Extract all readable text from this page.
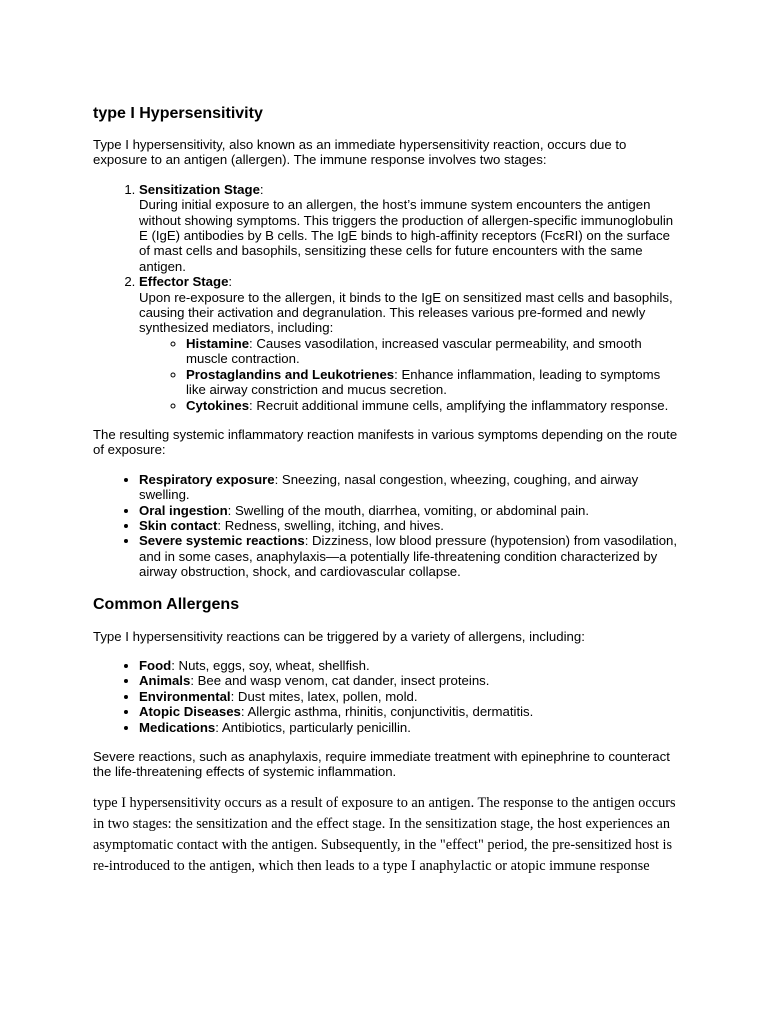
type I Hypersensitivity

Type I hypersensitivity, also known as an immediate hypersensitivity reaction, occurs due to exposure to an antigen (allergen). The immune response involves two stages:

1. Sensitization Stage:
During initial exposure to an allergen, the host’s immune system encounters the antigen without showing symptoms. This triggers the production of allergen-specific immunoglobulin E (IgE) antibodies by B cells. The IgE binds to high-affinity receptors (FcεRI) on the surface of mast cells and basophils, sensitizing these cells for future encounters with the same antigen.
2. Effector Stage:
Upon re-exposure to the allergen, it binds to the IgE on sensitized mast cells and basophils, causing their activation and degranulation. This releases various pre-formed and newly synthesized mediators, including:
◦ Histamine: Causes vasodilation, increased vascular permeability, and smooth muscle contraction.
◦ Prostaglandins and Leukotrienes: Enhance inflammation, leading to symptoms like airway constriction and mucus secretion.
◦ Cytokines: Recruit additional immune cells, amplifying the inflammatory response.

The resulting systemic inflammatory reaction manifests in various symptoms depending on the route of exposure:

• Respiratory exposure: Sneezing, nasal congestion, wheezing, coughing, and airway swelling.
• Oral ingestion: Swelling of the mouth, diarrhea, vomiting, or abdominal pain.
• Skin contact: Redness, swelling, itching, and hives.
• Severe systemic reactions: Dizziness, low blood pressure (hypotension) from vasodilation, and in some cases, anaphylaxis—a potentially life-threatening condition characterized by airway obstruction, shock, and cardiovascular collapse.
Common Allergens

Type I hypersensitivity reactions can be triggered by a variety of allergens, including:

• Food: Nuts, eggs, soy, wheat, shellfish.
• Animals: Bee and wasp venom, cat dander, insect proteins.
• Environmental: Dust mites, latex, pollen, mold.
• Atopic Diseases: Allergic asthma, rhinitis, conjunctivitis, dermatitis.
• Medications: Antibiotics, particularly penicillin.

Severe reactions, such as anaphylaxis, require immediate treatment with epinephrine to counteract the life-threatening effects of systemic inflammation.

type I hypersensitivity occurs as a result of exposure to an antigen. The response to the antigen occurs in two stages: the sensitization and the effect stage. In the sensitization stage, the host experiences an asymptomatic contact with the antigen. Subsequently, in the "effect" period, the pre-sensitized host is re-introduced to the antigen, which then leads to a type I anaphylactic or atopic immune response
